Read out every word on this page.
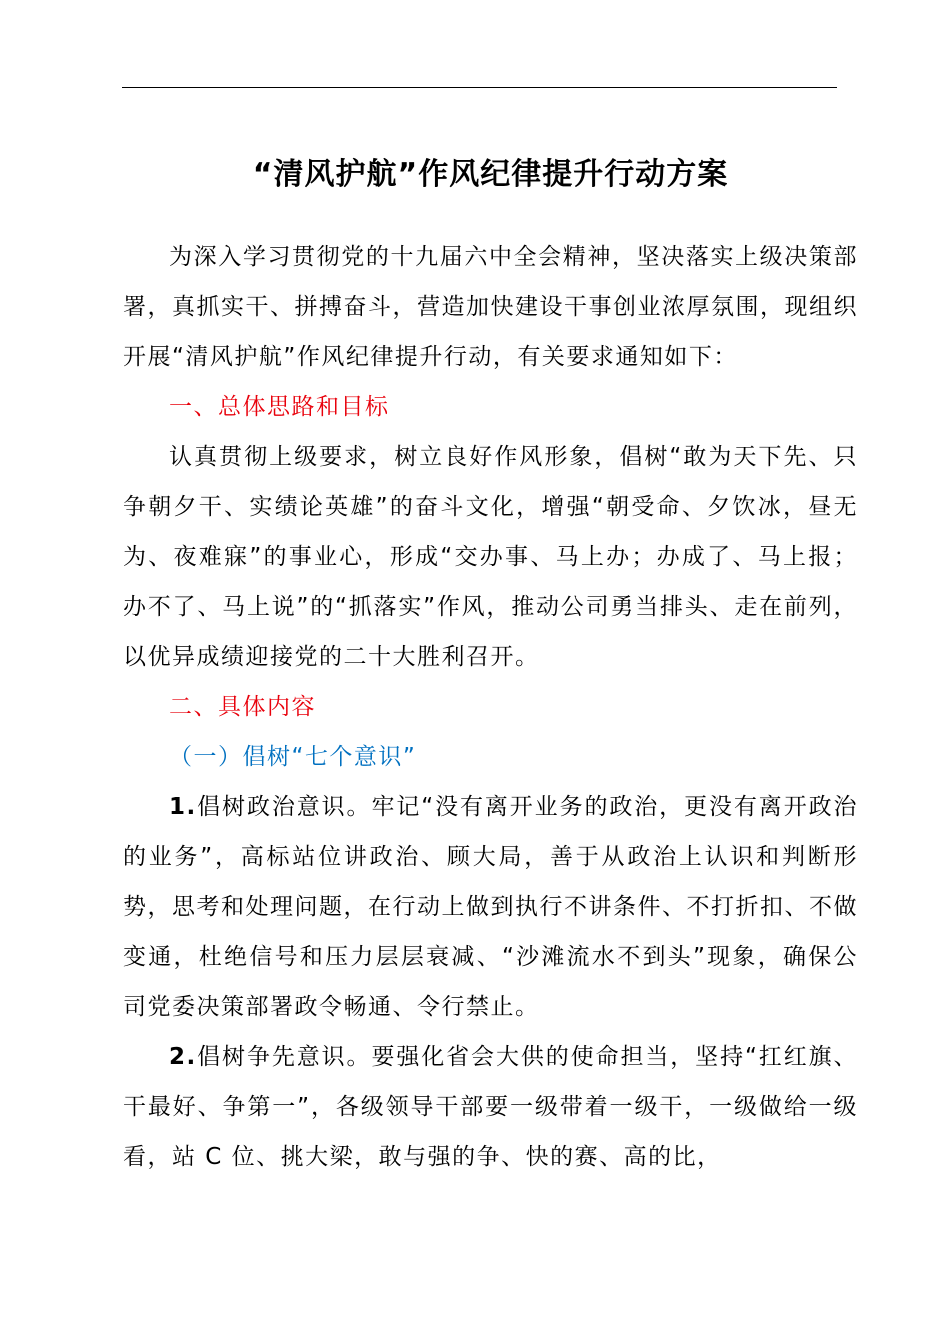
“清风护航”作风纪律提升行动方案

为深入学习贯彻党的十九届六中全会精神，坚决落实上级决策部署，真抓实干、拼搏奋斗，营造加快建设干事创业浓厚氛围，现组织开展“清风护航”作风纪律提升行动，有关要求通知如下：

一、总体思路和目标

认真贯彻上级要求，树立良好作风形象，倡树“敢为天下先、只争朝夕干、实绩论英雄”的奋斗文化，增强“朝受命、夕饮冰，昼无为、夜难寐”的事业心，形成“交办事、马上办；办成了、马上报；办不了、马上说”的“抓落实”作风，推动公司勇当排头、走在前列，以优异成绩迎接党的二十大胜利召开。

二、具体内容

（一）倡树“七个意识”

1.倡树政治意识。牢记“没有离开业务的政治，更没有离开政治的业务”，高标站位讲政治、顾大局，善于从政治上认识和判断形势，思考和处理问题，在行动上做到执行不讲条件、不打折扣、不做变通，杜绝信号和压力层层衰减、“沙滩流水不到头”现象，确保公司党委决策部署政令畅通、令行禁止。

2.倡树争先意识。要强化省会大供的使命担当，坚持“扛红旗、干最好、争第一”，各级领导干部要一级带着一级干，一级做给一级看，站 C 位、挑大梁，敢与强的争、快的赛、高的比，
